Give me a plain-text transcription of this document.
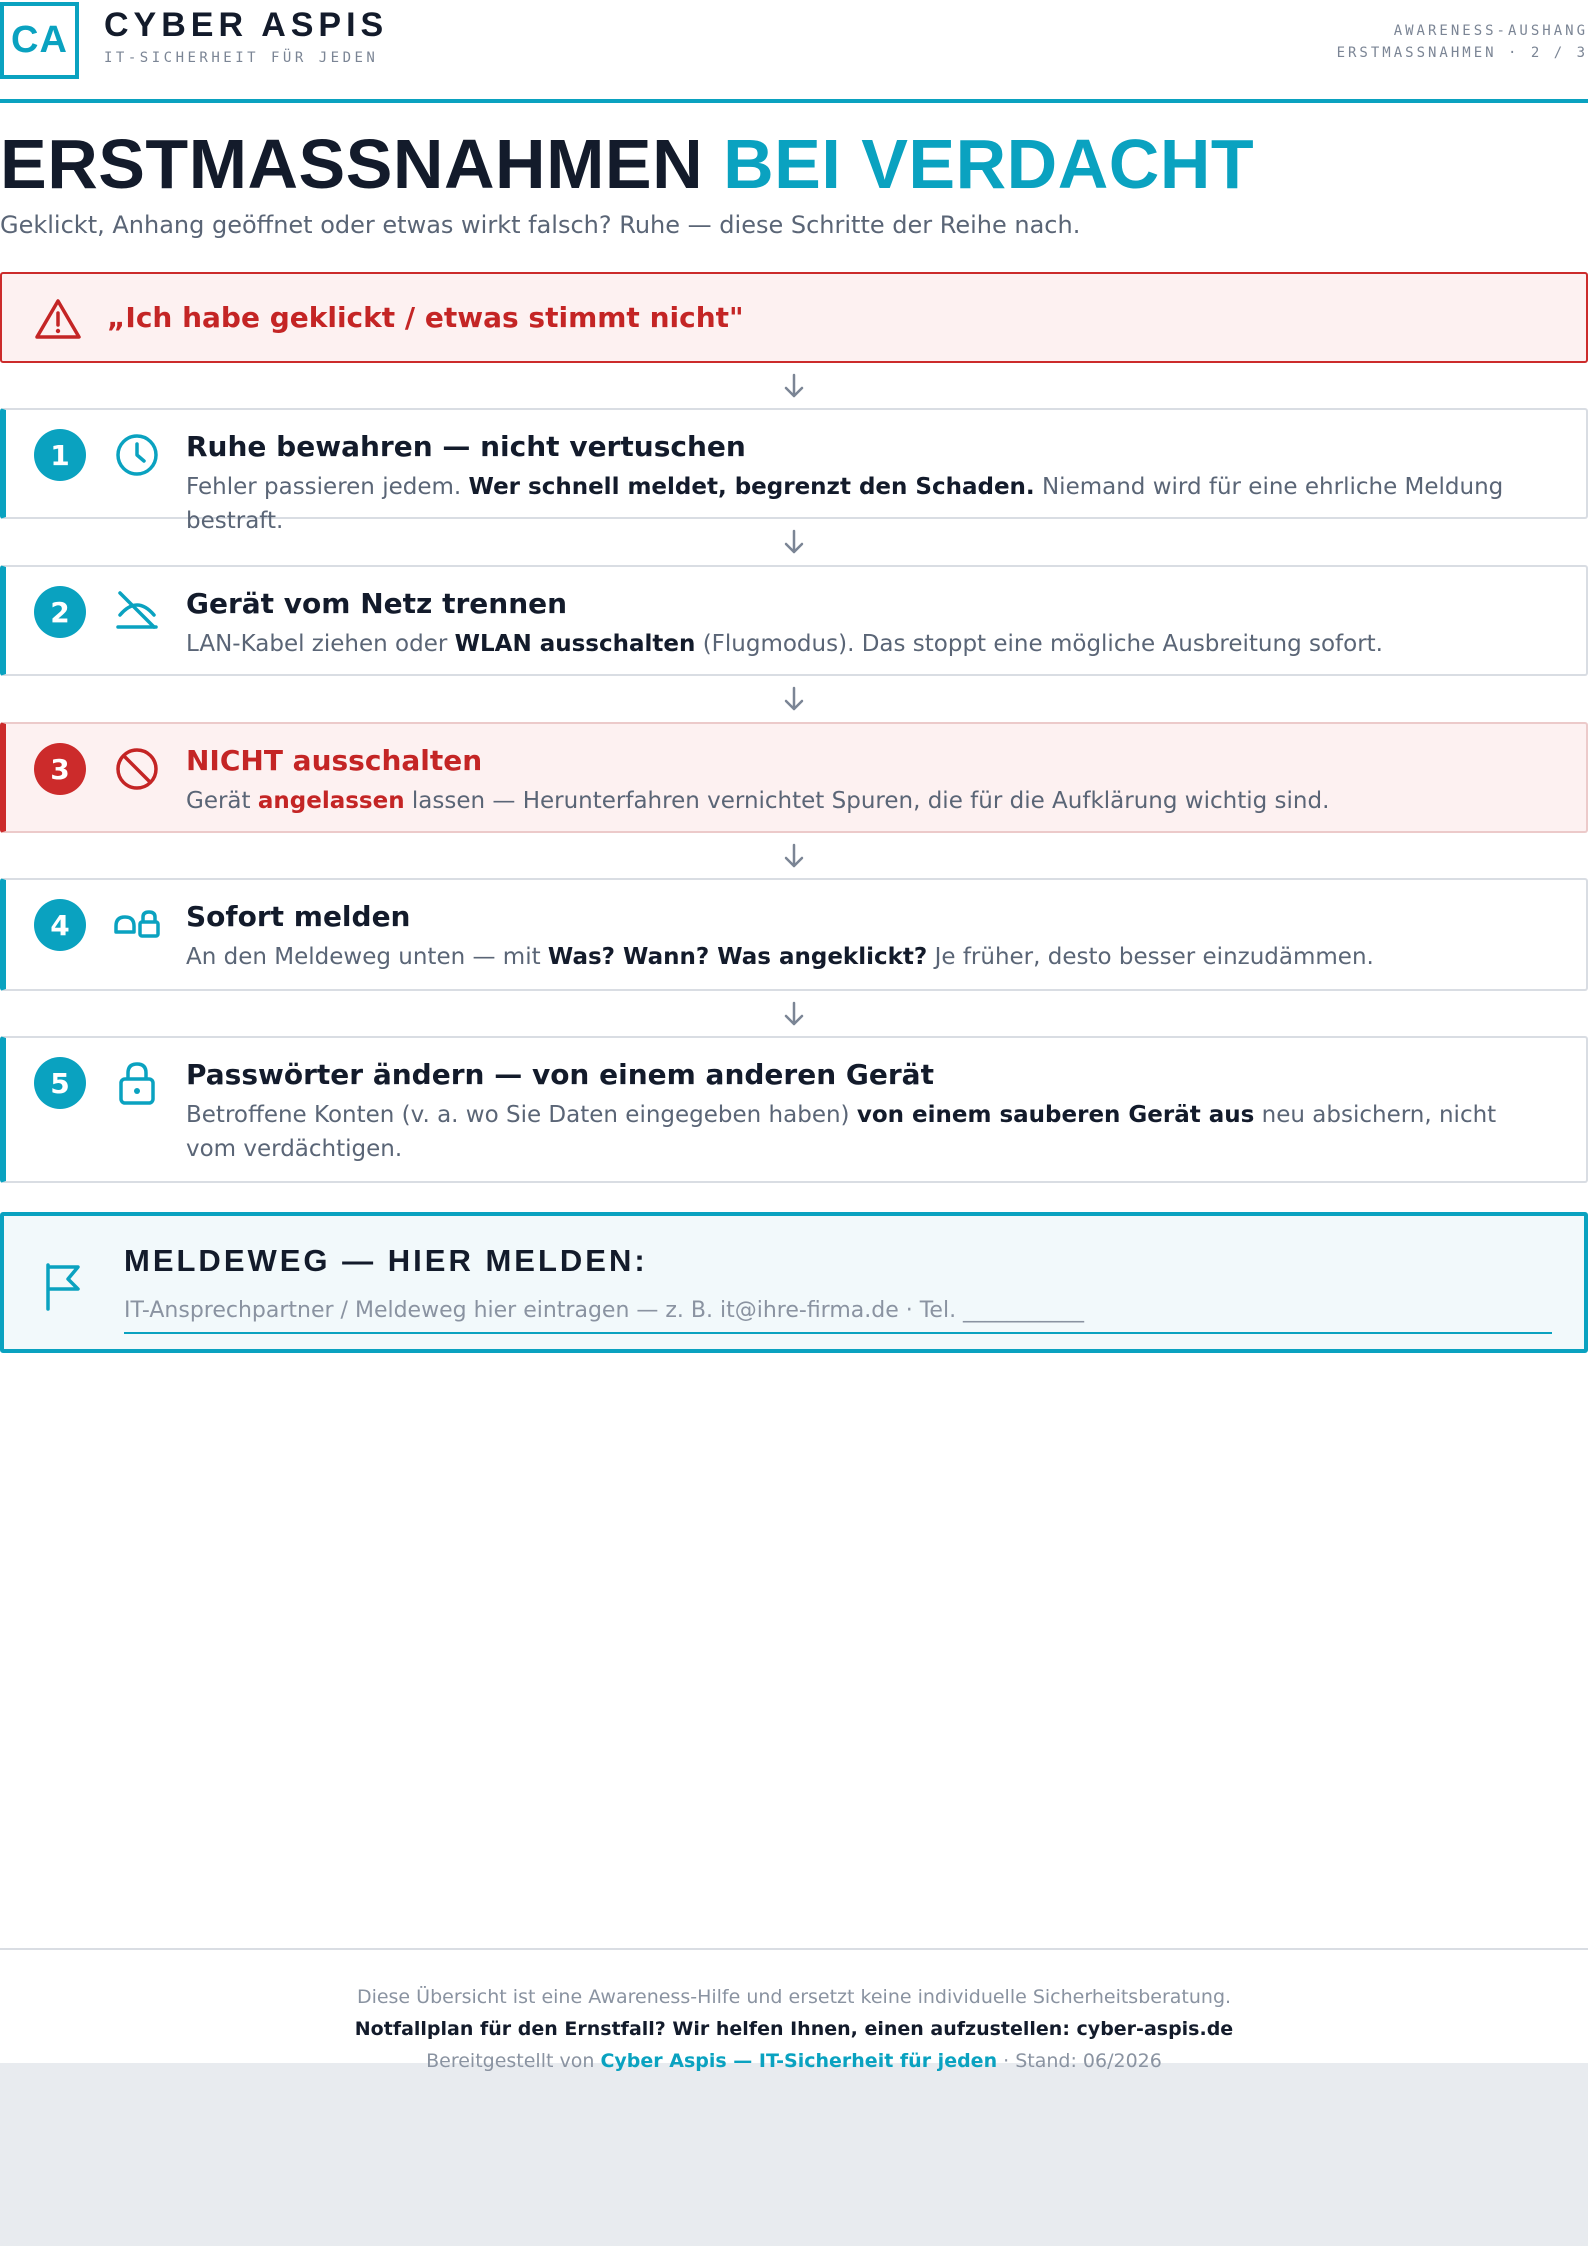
CA CYBER ASPIS
IT-SICHERHEIT FÜR JEDEN
AWARENESS-AUSHANG
ERSTMASSNAHMEN · 2 / 3
ERSTMASSNAHMEN BEI VERDACHT
Geklickt, Anhang geöffnet oder etwas wirkt falsch? Ruhe — diese Schritte der Reihe nach.
„Ich habe geklickt / etwas stimmt nicht"
1	Ruhe bewahren — nicht vertuschen
Fehler passieren jedem. Wer schnell meldet, begrenzt den Schaden. Niemand wird für eine ehrliche Meldung bestraft.
2	Gerät vom Netz trennen
LAN-Kabel ziehen oder WLAN ausschalten (Flugmodus). Das stoppt eine mögliche Ausbreitung sofort.
3	NICHT ausschalten
Gerät angelassen lassen — Herunterfahren vernichtet Spuren, die für die Aufklärung wichtig sind.
4	Sofort melden
An den Meldeweg unten — mit Was? Wann? Was angeklickt? Je früher, desto besser einzudämmen.
5	Passwörter ändern — von einem anderen Gerät
Betroffene Konten (v. a. wo Sie Daten eingegeben haben) von einem sauberen Gerät aus neu absichern, nicht vom verdächtigen.
MELDEWEG — HIER MELDEN:
IT-Ansprechpartner / Meldeweg hier eintragen — z. B. it@ihre-firma.de · Tel. ___________
Diese Übersicht ist eine Awareness-Hilfe und ersetzt keine individuelle Sicherheitsberatung.
Notfallplan für den Ernstfall? Wir helfen Ihnen, einen aufzustellen: cyber-aspis.de
Bereitgestellt von Cyber Aspis — IT-Sicherheit für jeden · Stand: 06/2026
